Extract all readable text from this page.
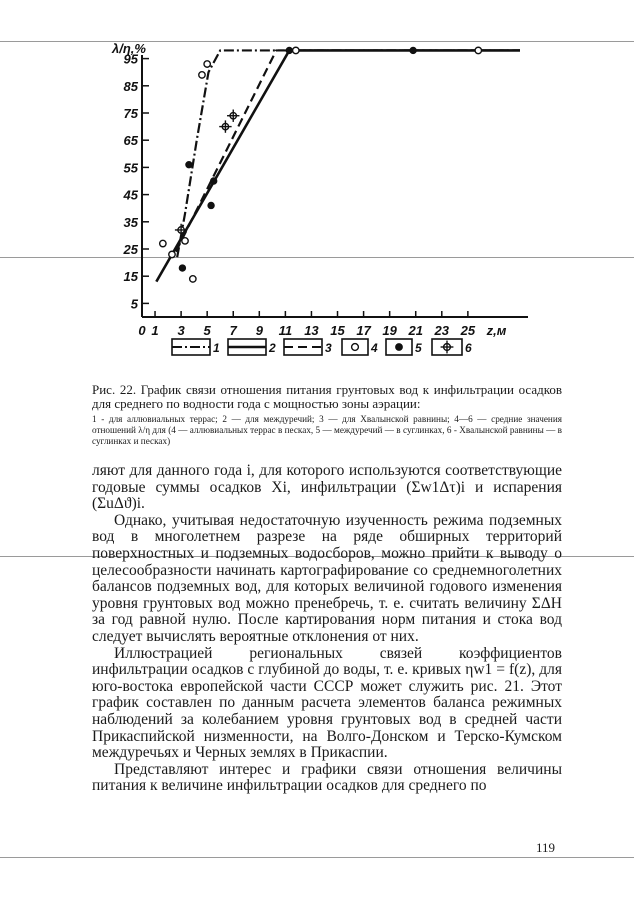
5
15
25
35
45
55
65
75
85
95
0 1 3 5 7 9 11 13 15 17 19 21 23 25
λ/η,%
z,м
1	2	3	4	5	6

Рис. 22. График связи отношения питания грунтовых вод к инфильтрации осадков для среднего по водности года с мощностью зоны аэрации:

1 - для аллювиальных террас; 2 — для междуречий; 3 — для Хвалынской равнины; 4—6 — средние значения отношений λ/η для (4 — аллювиальных террас в песках, 5 — междуречий — в суглинках, 6 - Хвалынской равнины — в суглинках и песках)

ляют для данного года i, для которого используются соответствующие годовые суммы осадков Xi, инфильтрации (Σw1Δτ)i и испарения (ΣuΔϑ)i.

Однако, учитывая недостаточную изученность режима подземных вод в многолетнем разрезе на ряде обширных территорий поверхностных и подземных водосборов, можно прийти к выводу о целесообразности начинать картографирование со среднемноголетних балансов подземных вод, для которых величиной годового изменения уровня грунтовых вод можно пренебречь, т. е. считать величину ΣΔH за год равной нулю. После картирования норм питания и стока вод следует вычислять вероятные отклонения от них.

Иллюстрацией региональных связей коэффициентов инфильтрации осадков с глубиной до воды, т. е. кривых ηw1 = f(z), для юго-востока европейской части СССР может служить рис. 21. Этот график составлен по данным расчета элементов баланса режимных наблюдений за колебанием уровня грунтовых вод в средней части Прикаспийской низменности, на Волго-Донском и Терско-Кумском междуречьях и Черных землях в Прикаспии.

Представляют интерес и графики связи отношения величины питания к величине инфильтрации осадков для среднего по

119
